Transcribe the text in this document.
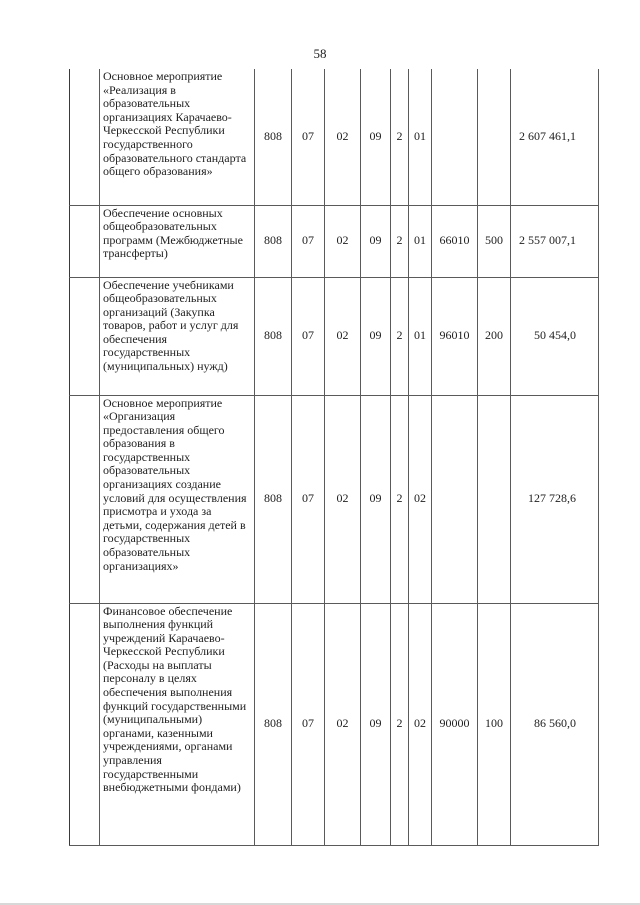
58
	Основное мероприятие «Реализация в образовательных организациях Карачаево-Черкесской Республики государственного образовательного стандарта общего образования»	808	07	02	09	2	01			2 607 461,1
	Обеспечение основных общеобразовательных программ (Межбюджетные трансферты)	808	07	02	09	2	01	66010	500	2 557 007,1
	Обеспечение учебниками общеобразовательных организаций (Закупка товаров, работ и услуг для обеспечения государственных (муниципальных) нужд)	808	07	02	09	2	01	96010	200	50 454,0
	Основное мероприятие «Организация предоставления общего образования в государственных образовательных организациях создание условий для осуществления присмотра и ухода за детьми, содержания детей в государственных образовательных организациях»	808	07	02	09	2	02			127 728,6
	Финансовое обеспечение выполнения функций учреждений Карачаево-Черкесской Республики (Расходы на выплаты персоналу в целях обеспечения выполнения функций государственными (муниципальными) органами, казенными учреждениями, органами управления государственными внебюджетными фондами)	808	07	02	09	2	02	90000	100	86 560,0
